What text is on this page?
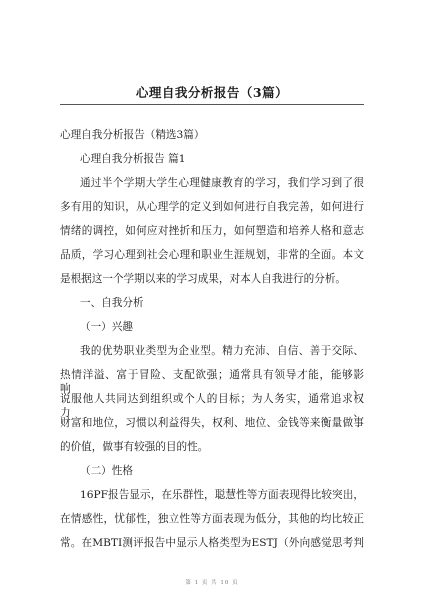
心理自我分析报告（3篇）
心理自我分析报告（精选3篇）
心理自我分析报告 篇1
通过半个学期大学生心理健康教育的学习，我们学习到了很
多有用的知识，从心理学的定义到如何进行自我完善，如何进行
情绪的调控，如何应对挫折和压力，如何塑造和培养人格和意志
品质，学习心理到社会心理和职业生涯规划，非常的全面。本文
是根据这一个学期以来的学习成果，对本人自我进行的分析。
一、自我分析
（一）兴趣
我的优势职业类型为企业型。精力充沛、自信、善于交际、
热情洋溢、富于冒险、支配欲强；通常具有领导才能，能够影响、
说服他人共同达到组织或个人的目标；为人务实，通常追求权力、
财富和地位，习惯以利益得失，权利、地位、金钱等来衡量做事
的价值，做事有较强的目的性。
（二）性格
16PF报告显示，在乐群性，聪慧性等方面表现得比较突出，
在情感性，忧郁性，独立性等方面表现为低分，其他的均比较正
常。在MBTI测评报告中显示人格类型为ESTJ（外向感觉思考判
第 1 页 共 10 页
